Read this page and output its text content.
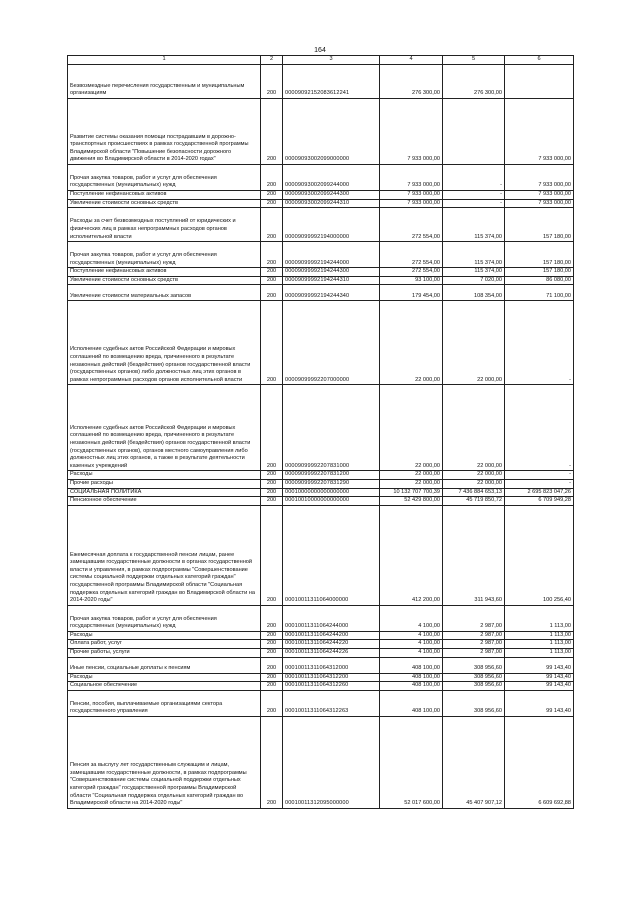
164
1	2	3	4	5	6
Безвозмездные перечисления государственным и муниципальным организациям	200	00009092152083612241	276 300,00	276 300,00	
Развитие системы оказания помощи пострадавшим в дорожно-транспортных происшествиях в рамках государственной программы Владимирской области "Повышение безопасности дорожного движения во Владимирской области в 2014-2020 годах"	200	00009093002099000000	7 933 000,00		7 933 000,00
Прочая закупка товаров, работ и услуг для обеспечения государственных (муниципальных) нужд	200	00009093002099244000	7 933 000,00	-	7 933 000,00
Поступление нефинансовых активов	200	00009093002099244300	7 933 000,00	-	7 933 000,00
Увеличение стоимости основных средств	200	00009093002099244310	7 933 000,00	-	7 933 000,00
Расходы за счет безвозмездных поступлений от юридических и физических лиц в рамках непрограммных расходов органов исполнительной власти	200	00009099992194000000	272 554,00	115 374,00	157 180,00
Прочая закупка товаров, работ и услуг для обеспечения государственных (муниципальных) нужд	200	00009099992194244000	272 554,00	115 374,00	157 180,00
Поступление нефинансовых активов	200	00009099992194244300	272 554,00	115 374,00	157 180,00
Увеличение стоимости основных средств	200	00009099992194244310	93 100,00	7 020,00	86 080,00
Увеличение стоимости материальных запасов	200	00009099992194244340	179 454,00	108 354,00	71 100,00
Исполнение судебных актов Российской Федерации и мировых соглашений по возмещению вреда, причиненного в результате незаконных действий (бездействия) органов государственной власти (государственных органов) либо должностных лиц этих органов в рамках непрограммных расходов органов исполнительной власти	200	00009099992207000000	22 000,00	22 000,00	-
Исполнение судебных актов Российской Федерации и мировых соглашений по возмещению вреда, причиненного в результате незаконных действий (бездействия) органов государственной власти (государственных органов), органов местного самоуправления либо должностных лиц этих органов, а также в результате деятельности казенных учреждений	200	00009099992207831000	22 000,00	22 000,00	-
Расходы	200	00009099992207831200	22 000,00	22 000,00	-
Прочие расходы	200	00009099992207831290	22 000,00	22 000,00	-
СОЦИАЛЬНАЯ ПОЛИТИКА	200	00010000000000000000	10 132 707 700,39	7 436 884 653,13	2 695 823 047,26
Пенсионное обеспечение	200	00010010000000000000	52 429 800,00	45 719 850,72	6 709 949,28
Ежемесячная доплата к государственной пенсии лицам, ранее замещавшим государственные должности в органах государственной власти и управления, в рамках подпрограммы "Совершенствование системы социальной поддержки отдельных категорий граждан" государственной программы Владимирской области "Социальная поддержка отдельных категорий граждан во Владимирской области на 2014-2020 годы"	200	00010011311064000000	412 200,00	311 943,60	100 256,40
Прочая закупка товаров, работ и услуг для обеспечения государственных (муниципальных) нужд	200	00010011311064244000	4 100,00	2 987,00	1 113,00
Расходы	200	00010011311064244200	4 100,00	2 987,00	1 113,00
Оплата работ, услуг	200	00010011311064244220	4 100,00	2 987,00	1 113,00
Прочие работы, услуги	200	00010011311064244226	4 100,00	2 987,00	1 113,00
Иные пенсии, социальные доплаты к пенсиям	200	00010011311064312000	408 100,00	308 956,60	99 143,40
Расходы	200	00010011311064312200	408 100,00	308 956,60	99 143,40
Социальное обеспечение	200	00010011311064312260	408 100,00	308 956,60	99 143,40
Пенсии, пособия, выплачиваемые организациями сектора государственного управления	200	00010011311064312263	408 100,00	308 956,60	99 143,40
Пенсия за выслугу лет государственным служащим и лицам, замещавшим государственные должности, в рамках подпрограммы "Совершенствование системы социальной поддержки отдельных категорий граждан" государственной программы Владимирской области "Социальная поддержка отдельных категорий граждан во Владимирской области на 2014-2020 годы"	200	00010011312095000000	52 017 600,00	45 407 907,12	6 609 692,88
